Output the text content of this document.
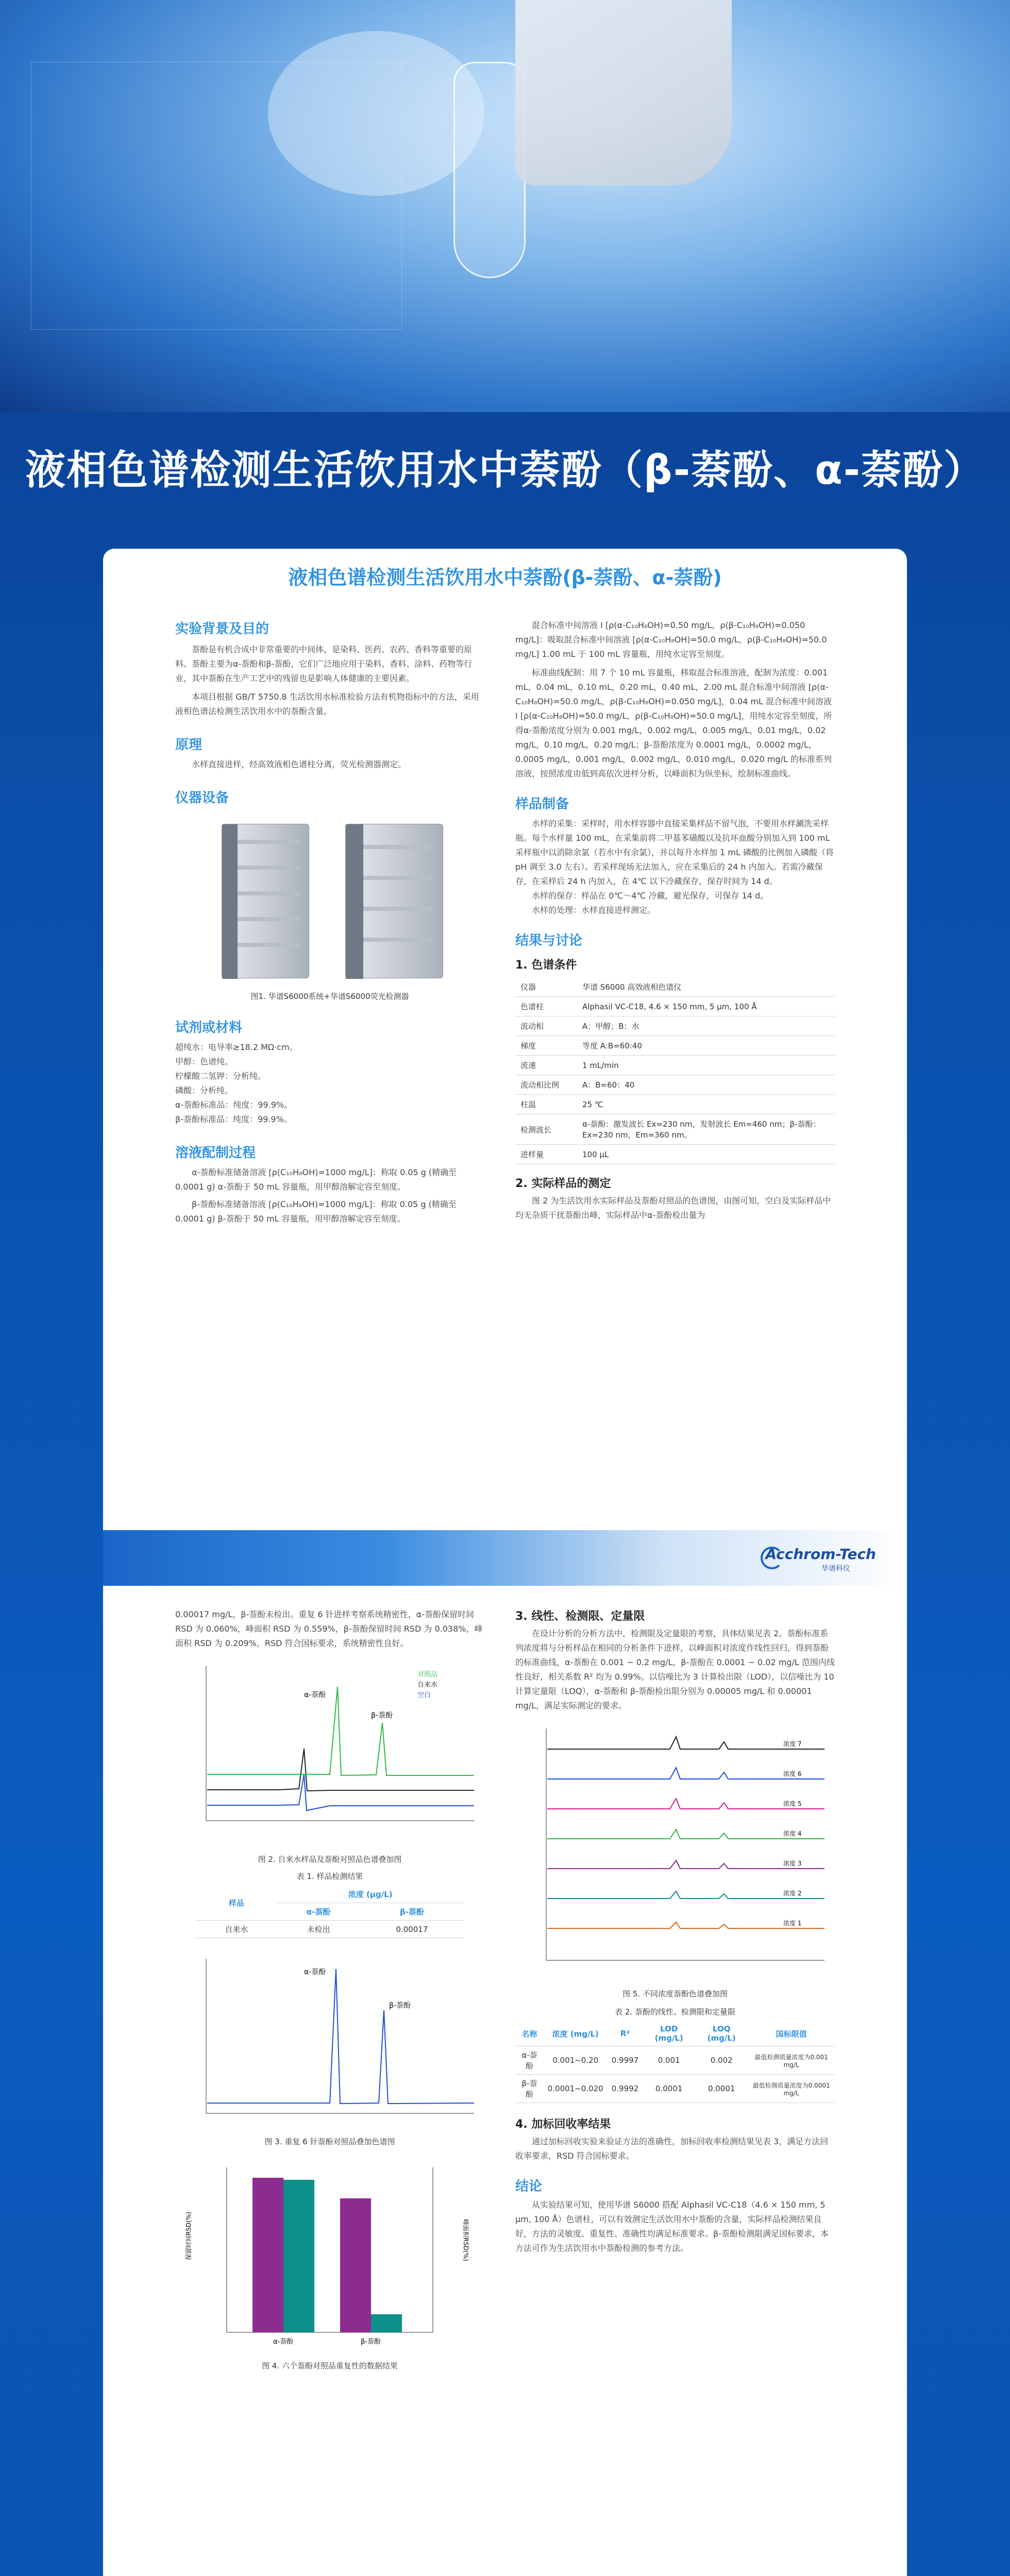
液相色谱检测生活饮用水中萘酚（β-萘酚、α-萘酚）
液相色谱检测生活饮用水中萘酚(β-萘酚、α-萘酚)
实验背景及目的
萘酚是有机合成中非常重要的中间体，是染料、医药、农药、香料等重要的原料。萘酚主要为α-萘酚和β-萘酚，它们广泛地应用于染料、香料、涂料、药物等行业，其中萘酚在生产工艺中的残留也是影响人体健康的主要因素。
本项目根据 GB/T 5750.8 生活饮用水标准检验方法有机物指标中的方法，采用液相色谱法检测生活饮用水中的萘酚含量。
原理
水样直接进样，经高效液相色谱柱分离，荧光检测器测定。
仪器设备
图1. 华谱S6000系统+华谱S6000荧光检测器
试剂或材料
超纯水：电导率≥18.2 MΩ·cm。
甲醇：色谱纯。
柠檬酸二氢钾：分析纯。
磷酸：分析纯。
α-萘酚标准品：纯度：99.9%。
β-萘酚标准品：纯度：99.9%。
溶液配制过程
α-萘酚标准储备溶液 [ρ(C₁₀H₈OH)=1000 mg/L]：称取 0.05 g (精确至 0.0001 g) α-萘酚于 50 mL 容量瓶，用甲醇溶解定容至刻度。
β-萘酚标准储备溶液 [ρ(C₁₀H₈OH)=1000 mg/L]：称取 0.05 g (精确至 0.0001 g) β-萘酚于 50 mL 容量瓶，用甲醇溶解定容至刻度。
混合标准中间溶液 I [ρ(α-C₁₀H₈OH)=0.50 mg/L，ρ(β-C₁₀H₈OH)=0.050 mg/L]：吸取混合标准中间溶液 [ρ(α-C₁₀H₈OH)=50.0 mg/L，ρ(β-C₁₀H₈OH)=50.0 mg/L] 1.00 mL 于 100 mL 容量瓶，用纯水定容至刻度。
标准曲线配制：用 7 个 10 mL 容量瓶，移取混合标准溶液，配制为浓度：0.001 mL，0.04 mL，0.10 mL，0.20 mL，0.40 mL，2.00 mL 混合标准中间溶液 [ρ(α-C₁₀H₈OH)=50.0 mg/L，ρ(β-C₁₀H₈OH)=0.050 mg/L]，0.04 mL 混合标准中间溶液 I [ρ(α-C₁₀H₈OH)=50.0 mg/L，ρ(β-C₁₀H₈OH)=50.0 mg/L]，用纯水定容至刻度，所得α-萘酚浓度分别为 0.001 mg/L，0.002 mg/L，0.005 mg/L，0.01 mg/L，0.02 mg/L，0.10 mg/L，0.20 mg/L；β-萘酚浓度为 0.0001 mg/L，0.0002 mg/L，0.0005 mg/L，0.001 mg/L，0.002 mg/L，0.010 mg/L，0.020 mg/L 的标准系列溶液，按照浓度由低到高依次进样分析，以峰面积为纵坐标，绘制标准曲线。
样品制备
水样的采集：采样时，用水样容器中直接采集样品不留气泡，不要用水样涮洗采样瓶。每个水样量 100 mL，在采集前将二甲基苯磺酸以及抗坏血酸分别加入到 100 mL 采样瓶中以消除余氯（若水中有余氯），并以每升水样加 1 mL 磷酸的比例加入磷酸（将 pH 调至 3.0 左右）。若采样现场无法加入，应在采集后的 24 h 内加入。若需冷藏保存，在采样后 24 h 内加入，在 4℃ 以下冷藏保存，保存时间为 14 d。
水样的保存：样品在 0℃～4℃ 冷藏，避光保存，可保存 14 d。
水样的处理：水样直接进样测定。
结果与讨论
1. 色谱条件
仪器	华谱 S6000 高效液相色谱仪
色谱柱	Alphasil VC-C18, 4.6 × 150 mm, 5 μm, 100 Å
流动相	A：甲醇；B：水
梯度	等度 A:B=60:40
流速	1 mL/min
流动相比例	A：B=60：40
柱温	25 ℃
检测波长	α-萘酚：激发波长 Ex=230 nm，发射波长 Em=460 nm；β-萘酚：Ex=230 nm，Em=360 nm。
进样量	100 μL
2. 实际样品的测定
图 2 为生活饮用水实际样品及萘酚对照品的色谱图，由图可知，空白及实际样品中均无杂质干扰萘酚出峰，实际样品中α-萘酚检出量为
Acchrom-Tech
华谱科仪
0.00017 mg/L，β-萘酚未检出。重复 6 针进样考察系统精密性，α-萘酚保留时间 RSD 为 0.060%，峰面积 RSD 为 0.559%，β-萘酚保留时间 RSD 为 0.038%，峰面积 RSD 为 0.209%，RSD 符合国标要求，系统精密性良好。
α-萘酚
β-萘酚
对照品
自来水
空白
图 2. 自来水样品及萘酚对照品色谱叠加图
表 1. 样品检测结果
样品	浓度 (μg/L)	
	α-萘酚	β-萘酚
自来水	未检出	0.00017
α-萘酚
β-萘酚
图 3. 重复 6 针萘酚对照品叠加色谱图
保留时间RSD(%)	峰面积RSD(%)
α-萘酚	β-萘酚
图 4. 六个萘酚对照品重复性的数据结果
3. 线性、检测限、定量限
在设计分析的分析方法中，检测限及定量限的考察，具体结果见表 2。萘酚标准系列浓度将与分析样品在相同的分析条件下进样，以峰面积对浓度作线性回归，得到萘酚的标准曲线，α-萘酚在 0.001 ~ 0.2 mg/L，β-萘酚在 0.0001 ~ 0.02 mg/L 范围内线性良好，相关系数 R² 均为 0.99%。以信噪比为 3 计算检出限（LOD），以信噪比为 10 计算定量限（LOQ），α-萘酚和 β-萘酚检出限分别为 0.00005 mg/L 和 0.00001 mg/L，满足实际测定的要求。
浓度 7
浓度 6
浓度 5
浓度 4
浓度 3
浓度 2
浓度 1
图 5. 不同浓度萘酚色谱叠加图
表 2. 萘酚的线性、检测限和定量限
名称	浓度 (mg/L)	R²	LOD (mg/L)	LOQ (mg/L)	国标限值
α-萘酚	0.001~0.20	0.9997	0.001	0.002	最低检测质量浓度为0.001 mg/L
β-萘酚	0.0001~0.020	0.9992	0.0001	0.0001	最低检测质量浓度为0.0001 mg/L
4. 加标回收率结果
通过加标回收实验来验证方法的准确性，加标回收率检测结果见表 3，满足方法回收率要求，RSD 符合国标要求。
结论
从实验结果可知，使用华谱 S6000 搭配 Alphasil VC-C18（4.6 × 150 mm, 5 μm, 100 Å）色谱柱，可以有效测定生活饮用水中萘酚的含量，实际样品检测结果良好，方法的灵敏度、重复性、准确性均满足标准要求。β-萘酚检测限满足国标要求，本方法可作为生活饮用水中萘酚检测的参考方法。
